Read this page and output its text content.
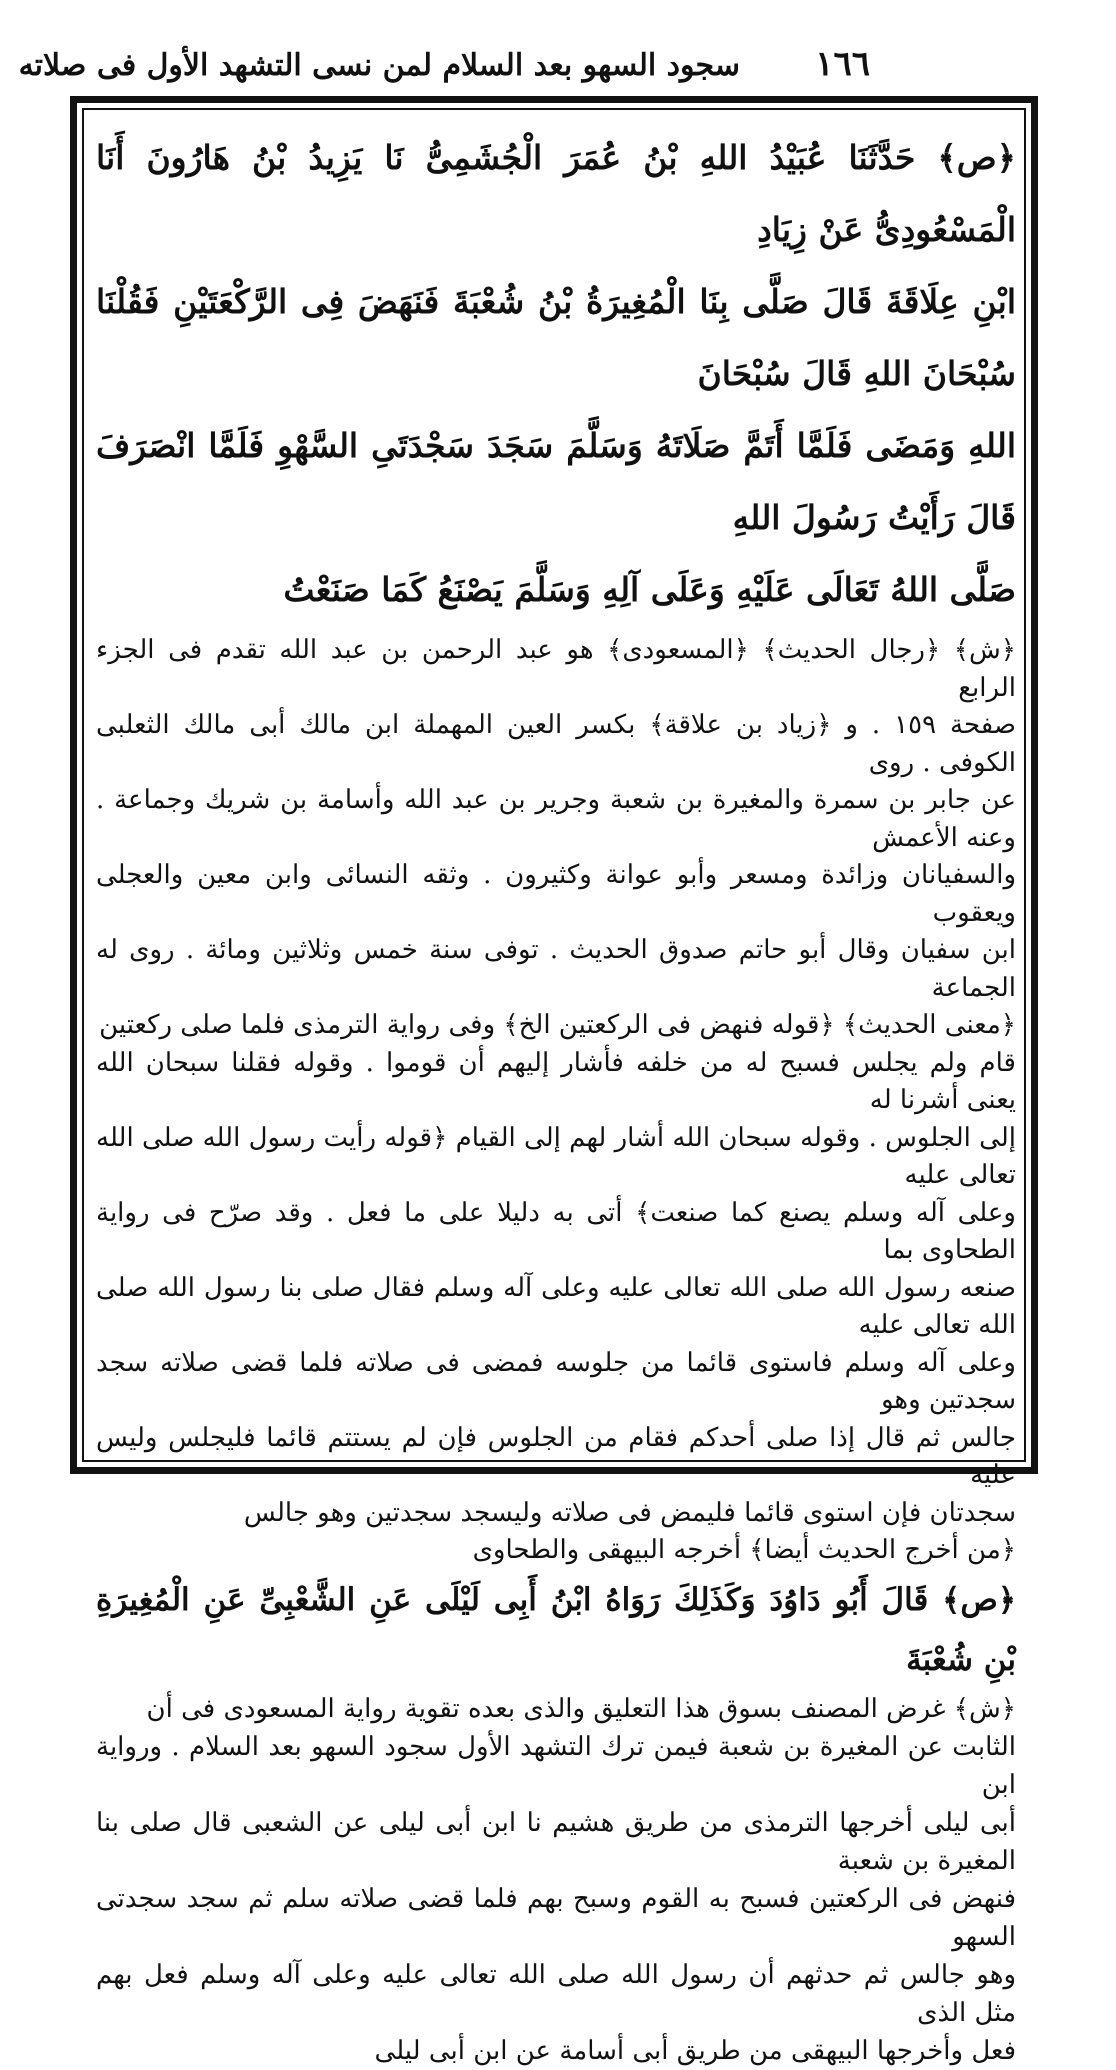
١٦٦
سجود السهو بعد السلام لمن نسى التشهد الأول فى صلاته

﴿ص﴾ حَدَّثَنَا عُبَيْدُ اللهِ بْنُ عُمَرَ الْجُشَمِىُّ نَا يَزِيدُ بْنُ هَارُونَ أَنَا الْمَسْعُودِىُّ عَنْ زِيَادِ

ابْنِ عِلَاقَةَ قَالَ صَلَّى بِنَا الْمُغِيرَةُ بْنُ شُعْبَةَ فَنَهَضَ فِى الرَّكْعَتَيْنِ فَقُلْنَا سُبْحَانَ اللهِ قَالَ سُبْحَانَ

اللهِ وَمَضَى فَلَمَّا أَتَمَّ صَلَاتَهُ وَسَلَّمَ سَجَدَ سَجْدَتَىِ السَّهْوِ فَلَمَّا انْصَرَفَ قَالَ رَأَيْتُ رَسُولَ اللهِ

صَلَّى اللهُ تَعَالَى عَلَيْهِ وَعَلَى آلِهِ وَسَلَّمَ يَصْنَعُ كَمَا صَنَعْتُ

﴿ش﴾ ﴿رجال الحديث﴾ ﴿المسعودى﴾ هو عبد الرحمن بن عبد الله تقدم فى الجزء الرابع

صفحة ١٥٩ . و ﴿زياد بن علاقة﴾ بكسر العين المهملة ابن مالك أبى مالك الثعلبى الكوفى . روى

عن جابر بن سمرة والمغيرة بن شعبة وجرير بن عبد الله وأسامة بن شريك وجماعة . وعنه الأعمش

والسفيانان وزائدة ومسعر وأبو عوانة وكثيرون . وثقه النسائى وابن معين والعجلى ويعقوب

ابن سفيان وقال أبو حاتم صدوق الحديث . توفى سنة خمس وثلاثين ومائة . روى له الجماعة

﴿معنى الحديث﴾ ﴿قوله فنهض فى الركعتين الخ﴾ وفى رواية الترمذى فلما صلى ركعتين

قام ولم يجلس فسبح له من خلفه فأشار إليهم أن قوموا . وقوله فقلنا سبحان الله يعنى أشرنا له

إلى الجلوس . وقوله سبحان الله أشار لهم إلى القيام ﴿قوله رأيت رسول الله صلى الله تعالى عليه

وعلى آله وسلم يصنع كما صنعت﴾ أتى به دليلا على ما فعل . وقد صرّح فى رواية الطحاوى بما

صنعه رسول الله صلى الله تعالى عليه وعلى آله وسلم فقال صلى بنا رسول الله صلى الله تعالى عليه

وعلى آله وسلم فاستوى قائما من جلوسه فمضى فى صلاته فلما قضى صلاته سجد سجدتين وهو

جالس ثم قال إذا صلى أحدكم فقام من الجلوس فإن لم يستتم قائما فليجلس وليس عليه

سجدتان فإن استوى قائما فليمض فى صلاته وليسجد سجدتين وهو جالس

﴿من أخرج الحديث أيضا﴾ أخرجه البيهقى والطحاوى

﴿ص﴾ قَالَ أَبُو دَاوُدَ وَكَذَلِكَ رَوَاهُ ابْنُ أَبِى لَيْلَى عَنِ الشَّعْبِىِّ عَنِ الْمُغِيرَةِ بْنِ شُعْبَةَ

﴿ش﴾ غرض المصنف بسوق هذا التعليق والذى بعده تقوية رواية المسعودى فى أن

الثابت عن المغيرة بن شعبة فيمن ترك التشهد الأول سجود السهو بعد السلام . ورواية ابن

أبى ليلى أخرجها الترمذى من طريق هشيم نا ابن أبى ليلى عن الشعبى قال صلى بنا المغيرة بن شعبة

فنهض فى الركعتين فسبح به القوم وسبح بهم فلما قضى صلاته سلم ثم سجد سجدتى السهو

وهو جالس ثم حدثهم أن رسول الله صلى الله تعالى عليه وعلى آله وسلم فعل بهم مثل الذى

فعل وأخرجها البيهقى من طريق أبى أسامة عن ابن أبى ليلى
